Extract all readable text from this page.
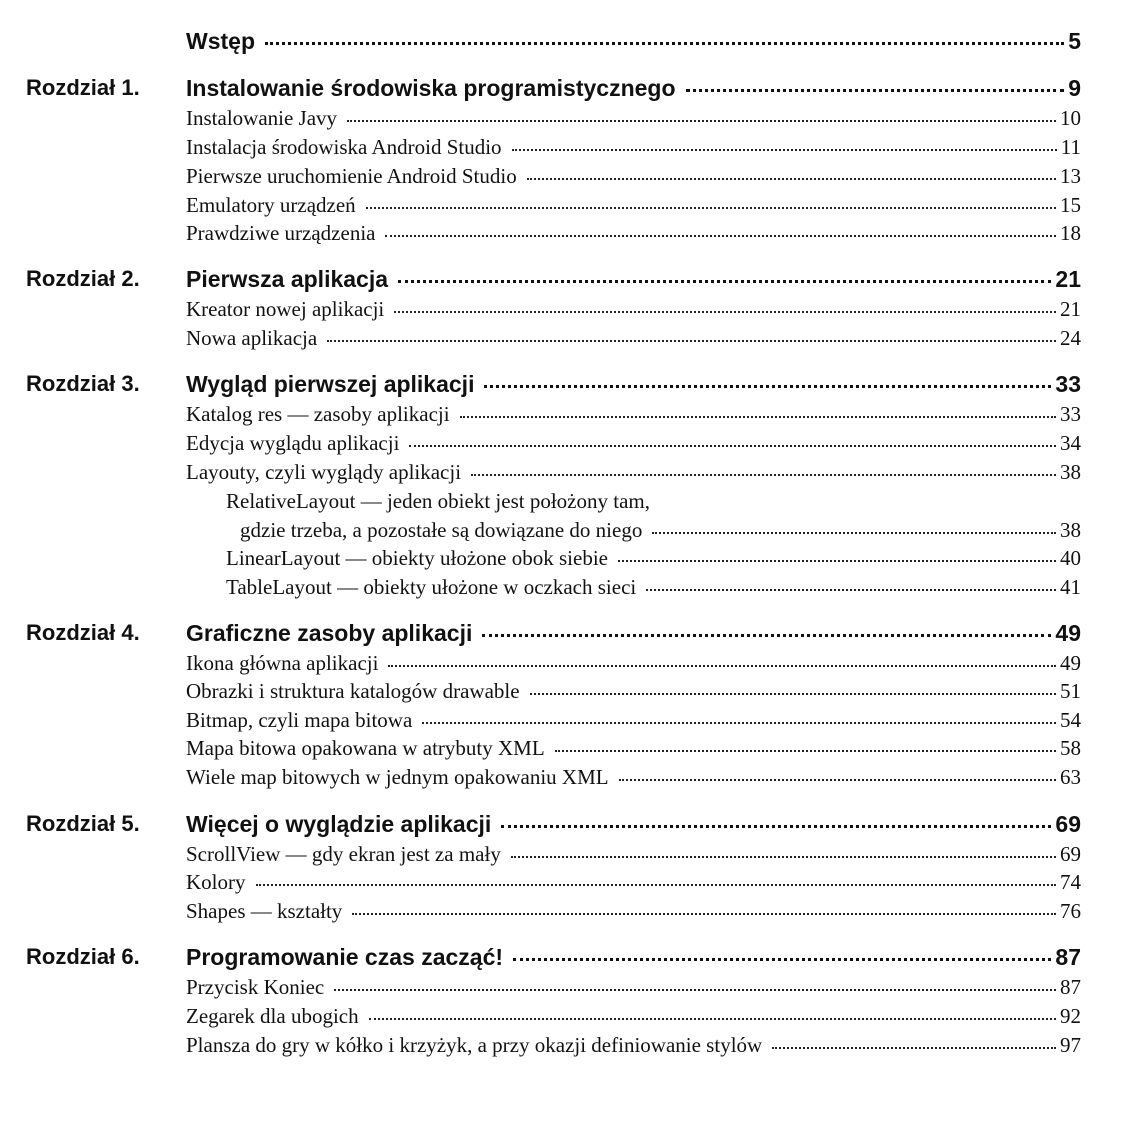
Wstęp	5
Rozdział 1.	Instalowanie środowiska programistycznego	9
Instalowanie Javy	10
Instalacja środowiska Android Studio	11
Pierwsze uruchomienie Android Studio	13
Emulatory urządzeń	15
Prawdziwe urządzenia	18
Rozdział 2.	Pierwsza aplikacja	21
Kreator nowej aplikacji	21
Nowa aplikacja	24
Rozdział 3.	Wygląd pierwszej aplikacji	33
Katalog res — zasoby aplikacji	33
Edycja wyglądu aplikacji	34
Layouty, czyli wyglądy aplikacji	38
RelativeLayout — jeden obiekt jest położony tam,
gdzie trzeba, a pozostałe są dowiązane do niego	38
LinearLayout — obiekty ułożone obok siebie	40
TableLayout — obiekty ułożone w oczkach sieci	41
Rozdział 4.	Graficzne zasoby aplikacji	49
Ikona główna aplikacji	49
Obrazki i struktura katalogów drawable	51
Bitmap, czyli mapa bitowa	54
Mapa bitowa opakowana w atrybuty XML	58
Wiele map bitowych w jednym opakowaniu XML	63
Rozdział 5.	Więcej o wyglądzie aplikacji	69
ScrollView — gdy ekran jest za mały	69
Kolory	74
Shapes — kształty	76
Rozdział 6.	Programowanie czas zacząć!	87
Przycisk Koniec	87
Zegarek dla ubogich	92
Plansza do gry w kółko i krzyżyk, a przy okazji definiowanie stylów	97
